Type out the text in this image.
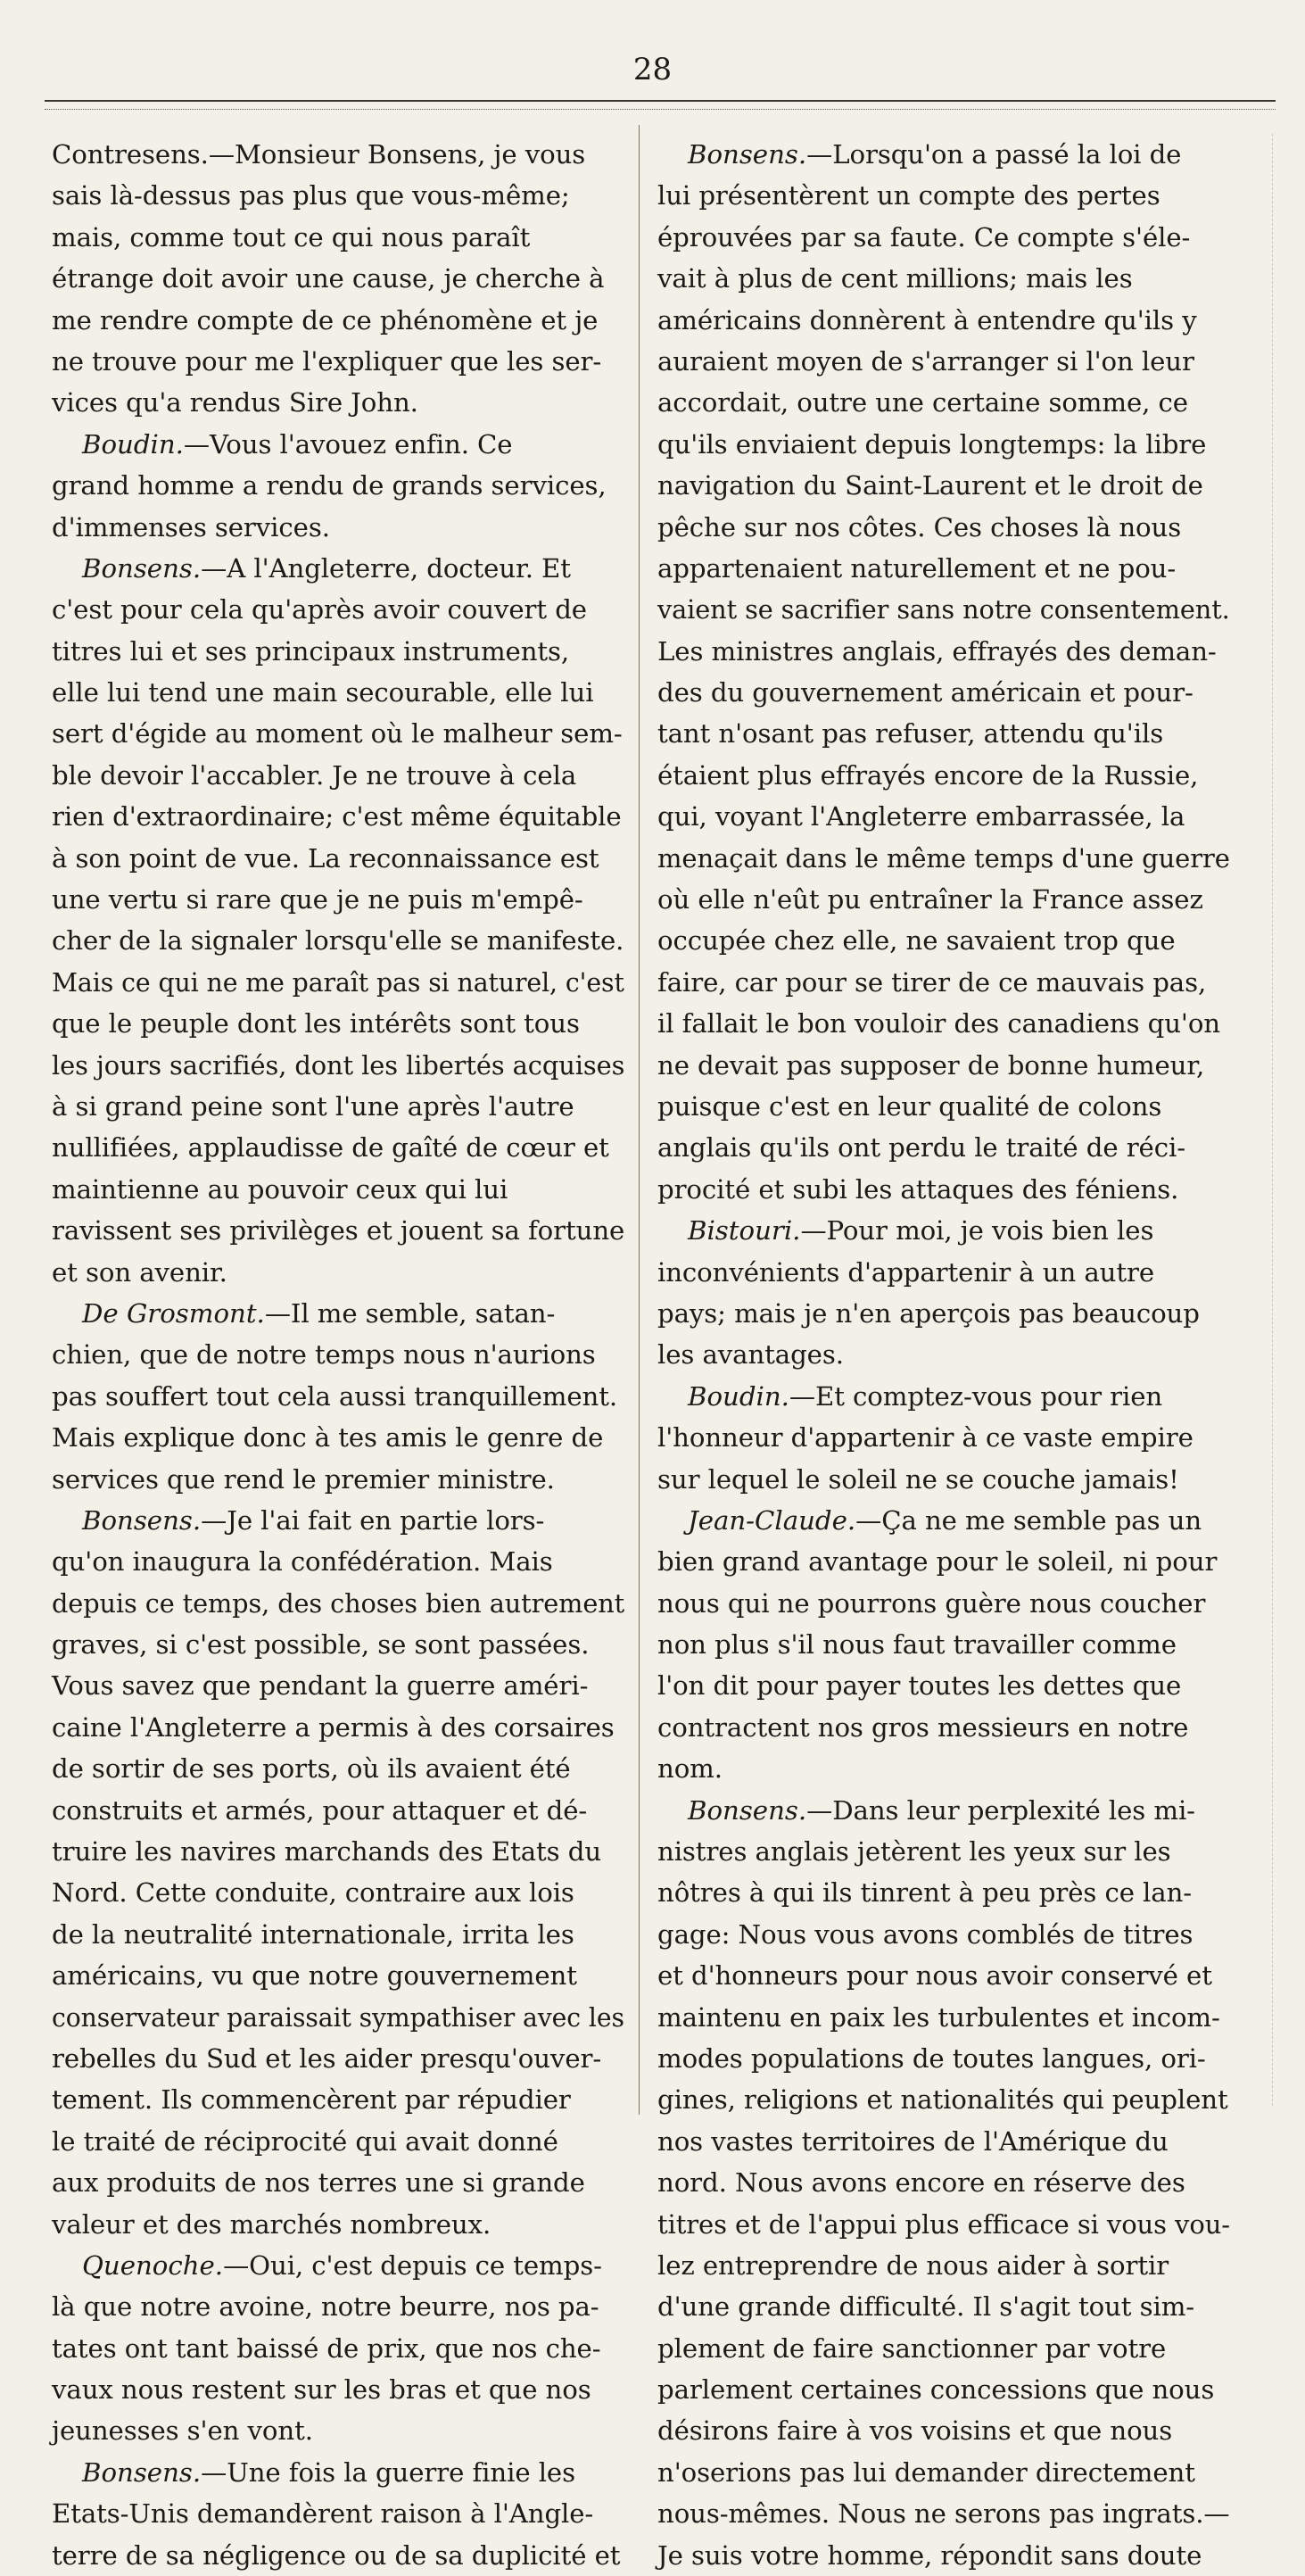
28
Contresens.—Monsieur Bonsens, je vous
sais là-dessus pas plus que vous-même;
mais, comme tout ce qui nous paraît
étrange doit avoir une cause, je cherche à
me rendre compte de ce phénomène et je
ne trouve pour me l'expliquer que les ser-
vices qu'a rendus Sire John.
Boudin.—Vous l'avouez enfin. Ce
grand homme a rendu de grands services,
d'immenses services.
Bonsens.—A l'Angleterre, docteur. Et
c'est pour cela qu'après avoir couvert de
titres lui et ses principaux instruments,
elle lui tend une main secourable, elle lui
sert d'égide au moment où le malheur sem-
ble devoir l'accabler. Je ne trouve à cela
rien d'extraordinaire; c'est même équitable
à son point de vue. La reconnaissance est
une vertu si rare que je ne puis m'empê-
cher de la signaler lorsqu'elle se manifeste.
Mais ce qui ne me paraît pas si naturel, c'est
que le peuple dont les intérêts sont tous
les jours sacrifiés, dont les libertés acquises
à si grand peine sont l'une après l'autre
nullifiées, applaudisse de gaîté de cœur et
maintienne au pouvoir ceux qui lui
ravissent ses privilèges et jouent sa fortune
et son avenir.
De Grosmont.—Il me semble, satan-
chien, que de notre temps nous n'aurions
pas souffert tout cela aussi tranquillement.
Mais explique donc à tes amis le genre de
services que rend le premier ministre.
Bonsens.—Je l'ai fait en partie lors-
qu'on inaugura la confédération. Mais
depuis ce temps, des choses bien autrement
graves, si c'est possible, se sont passées.
Vous savez que pendant la guerre améri-
caine l'Angleterre a permis à des corsaires
de sortir de ses ports, où ils avaient été
construits et armés, pour attaquer et dé-
truire les navires marchands des Etats du
Nord. Cette conduite, contraire aux lois
de la neutralité internationale, irrita les
américains, vu que notre gouvernement
conservateur paraissait sympathiser avec les
rebelles du Sud et les aider presqu'ouver-
tement. Ils commencèrent par répudier
le traité de réciprocité qui avait donné
aux produits de nos terres une si grande
valeur et des marchés nombreux.
Quenoche.—Oui, c'est depuis ce temps-
là que notre avoine, notre beurre, nos pa-
tates ont tant baissé de prix, que nos che-
vaux nous restent sur les bras et que nos
jeunesses s'en vont.
Bonsens.—Une fois la guerre finie les
Etats-Unis demandèrent raison à l'Angle-
terre de sa négligence ou de sa duplicité et
Bonsens.—Lorsqu'on a passé la loi de
lui présentèrent un compte des pertes
éprouvées par sa faute. Ce compte s'éle-
vait à plus de cent millions; mais les
américains donnèrent à entendre qu'ils y
auraient moyen de s'arranger si l'on leur
accordait, outre une certaine somme, ce
qu'ils enviaient depuis longtemps: la libre
navigation du Saint-Laurent et le droit de
pêche sur nos côtes. Ces choses là nous
appartenaient naturellement et ne pou-
vaient se sacrifier sans notre consentement.
Les ministres anglais, effrayés des deman-
des du gouvernement américain et pour-
tant n'osant pas refuser, attendu qu'ils
étaient plus effrayés encore de la Russie,
qui, voyant l'Angleterre embarrassée, la
menaçait dans le même temps d'une guerre
où elle n'eût pu entraîner la France assez
occupée chez elle, ne savaient trop que
faire, car pour se tirer de ce mauvais pas,
il fallait le bon vouloir des canadiens qu'on
ne devait pas supposer de bonne humeur,
puisque c'est en leur qualité de colons
anglais qu'ils ont perdu le traité de réci-
procité et subi les attaques des féniens.
Bistouri.—Pour moi, je vois bien les
inconvénients d'appartenir à un autre
pays; mais je n'en aperçois pas beaucoup
les avantages.
Boudin.—Et comptez-vous pour rien
l'honneur d'appartenir à ce vaste empire
sur lequel le soleil ne se couche jamais!
Jean-Claude.—Ça ne me semble pas un
bien grand avantage pour le soleil, ni pour
nous qui ne pourrons guère nous coucher
non plus s'il nous faut travailler comme
l'on dit pour payer toutes les dettes que
contractent nos gros messieurs en notre
nom.
Bonsens.—Dans leur perplexité les mi-
nistres anglais jetèrent les yeux sur les
nôtres à qui ils tinrent à peu près ce lan-
gage: Nous vous avons comblés de titres
et d'honneurs pour nous avoir conservé et
maintenu en paix les turbulentes et incom-
modes populations de toutes langues, ori-
gines, religions et nationalités qui peuplent
nos vastes territoires de l'Amérique du
nord. Nous avons encore en réserve des
titres et de l'appui plus efficace si vous vou-
lez entreprendre de nous aider à sortir
d'une grande difficulté. Il s'agit tout sim-
plement de faire sanctionner par votre
parlement certaines concessions que nous
désirons faire à vos voisins et que nous
n'oserions pas lui demander directement
nous-mêmes. Nous ne serons pas ingrats.—
Je suis votre homme, répondit sans doute
